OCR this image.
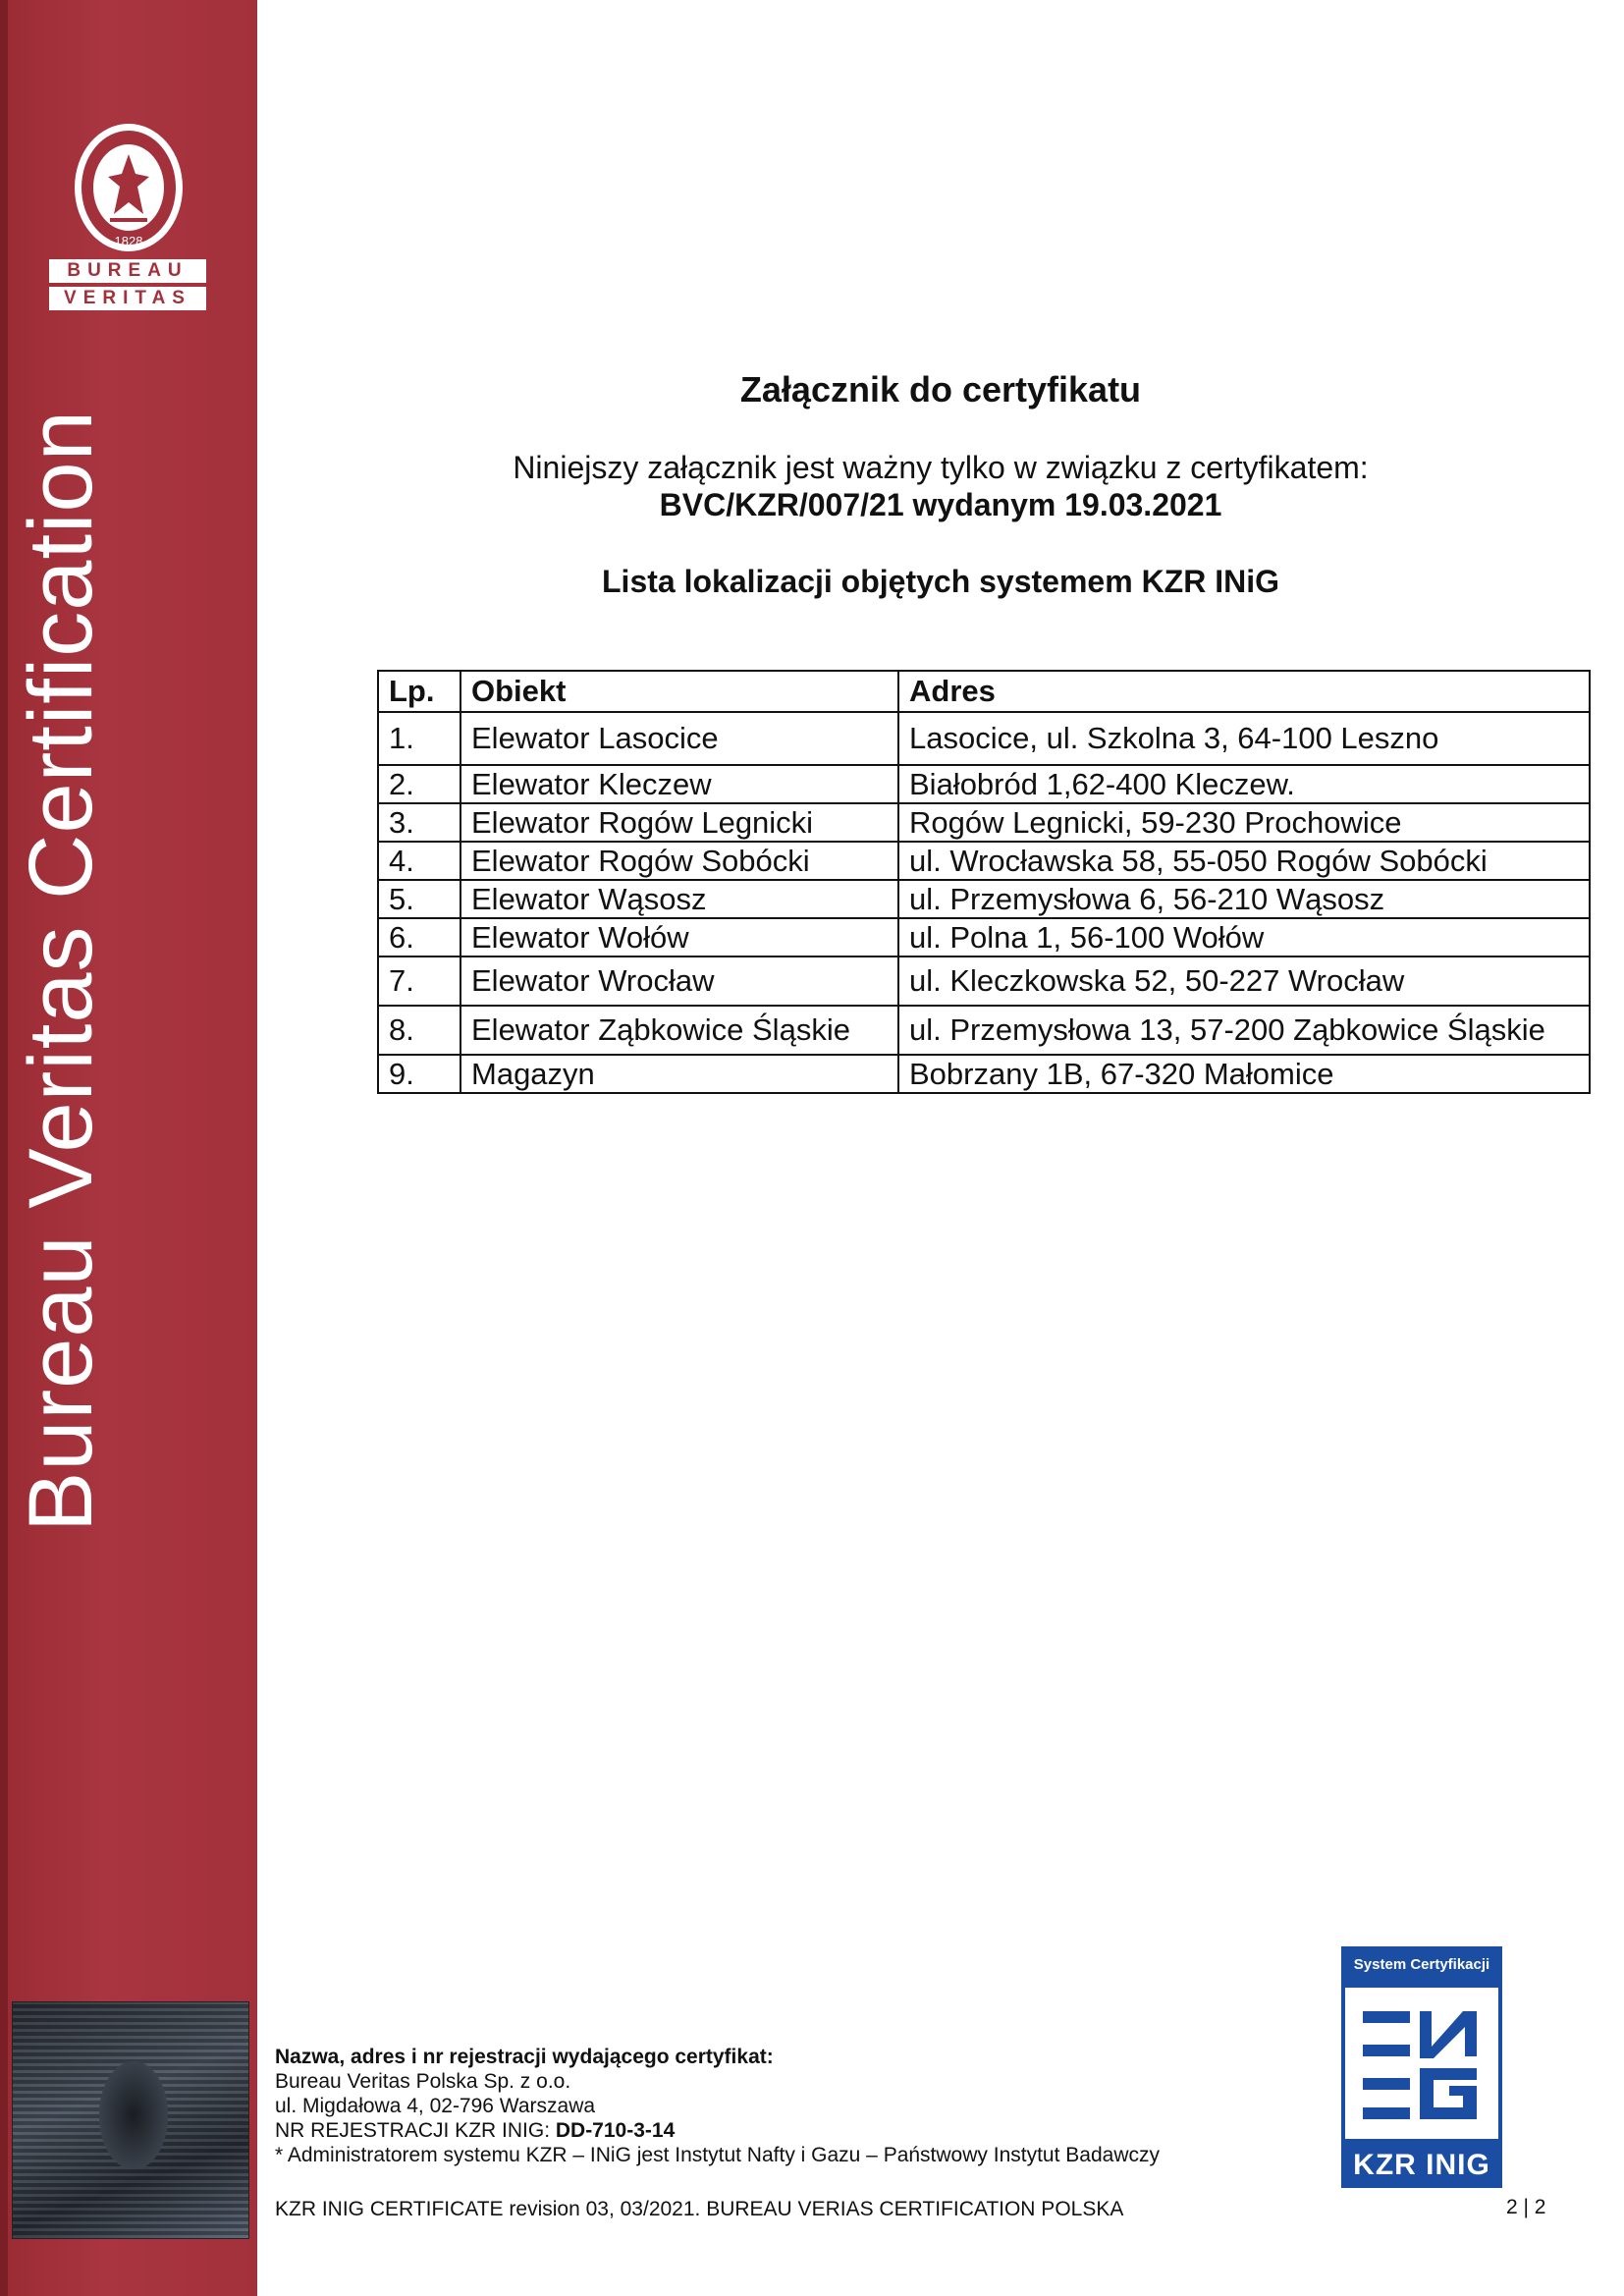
1828
BUREAU
VERITAS
Bureau Veritas Certification
Załącznik do certyfikatu
Niniejszy załącznik jest ważny tylko w związku z certyfikatem:
BVC/KZR/007/21 wydanym 19.03.2021
Lista lokalizacji objętych systemem KZR INiG
Lp.	Obiekt	Adres
1.	Elewator Lasocice	Lasocice, ul. Szkolna 3, 64-100 Leszno
2.	Elewator Kleczew	Białobród 1,62-400 Kleczew.
3.	Elewator Rogów Legnicki	Rogów Legnicki, 59-230 Prochowice
4.	Elewator Rogów Sobócki	ul. Wrocławska 58, 55-050 Rogów Sobócki
5.	Elewator Wąsosz	ul. Przemysłowa 6, 56-210 Wąsosz
6.	Elewator Wołów	ul. Polna 1, 56-100 Wołów
7.	Elewator Wrocław	ul. Kleczkowska 52, 50-227 Wrocław
8.	Elewator Ząbkowice Śląskie	ul. Przemysłowa 13, 57-200 Ząbkowice Śląskie
9.	Magazyn	Bobrzany 1B, 67-320 Małomice
System Certyfikacji
KZR INIG
Nazwa, adres i nr rejestracji wydającego certyfikat:
Bureau Veritas Polska Sp. z o.o.
ul. Migdałowa 4, 02-796 Warszawa
NR REJESTRACJI KZR INIG: DD-710-3-14
* Administratorem systemu KZR – INiG jest Instytut Nafty i Gazu – Państwowy Instytut Badawczy
KZR INIG CERTIFICATE revision 03, 03/2021. BUREAU VERIAS CERTIFICATION POLSKA	2 | 2
